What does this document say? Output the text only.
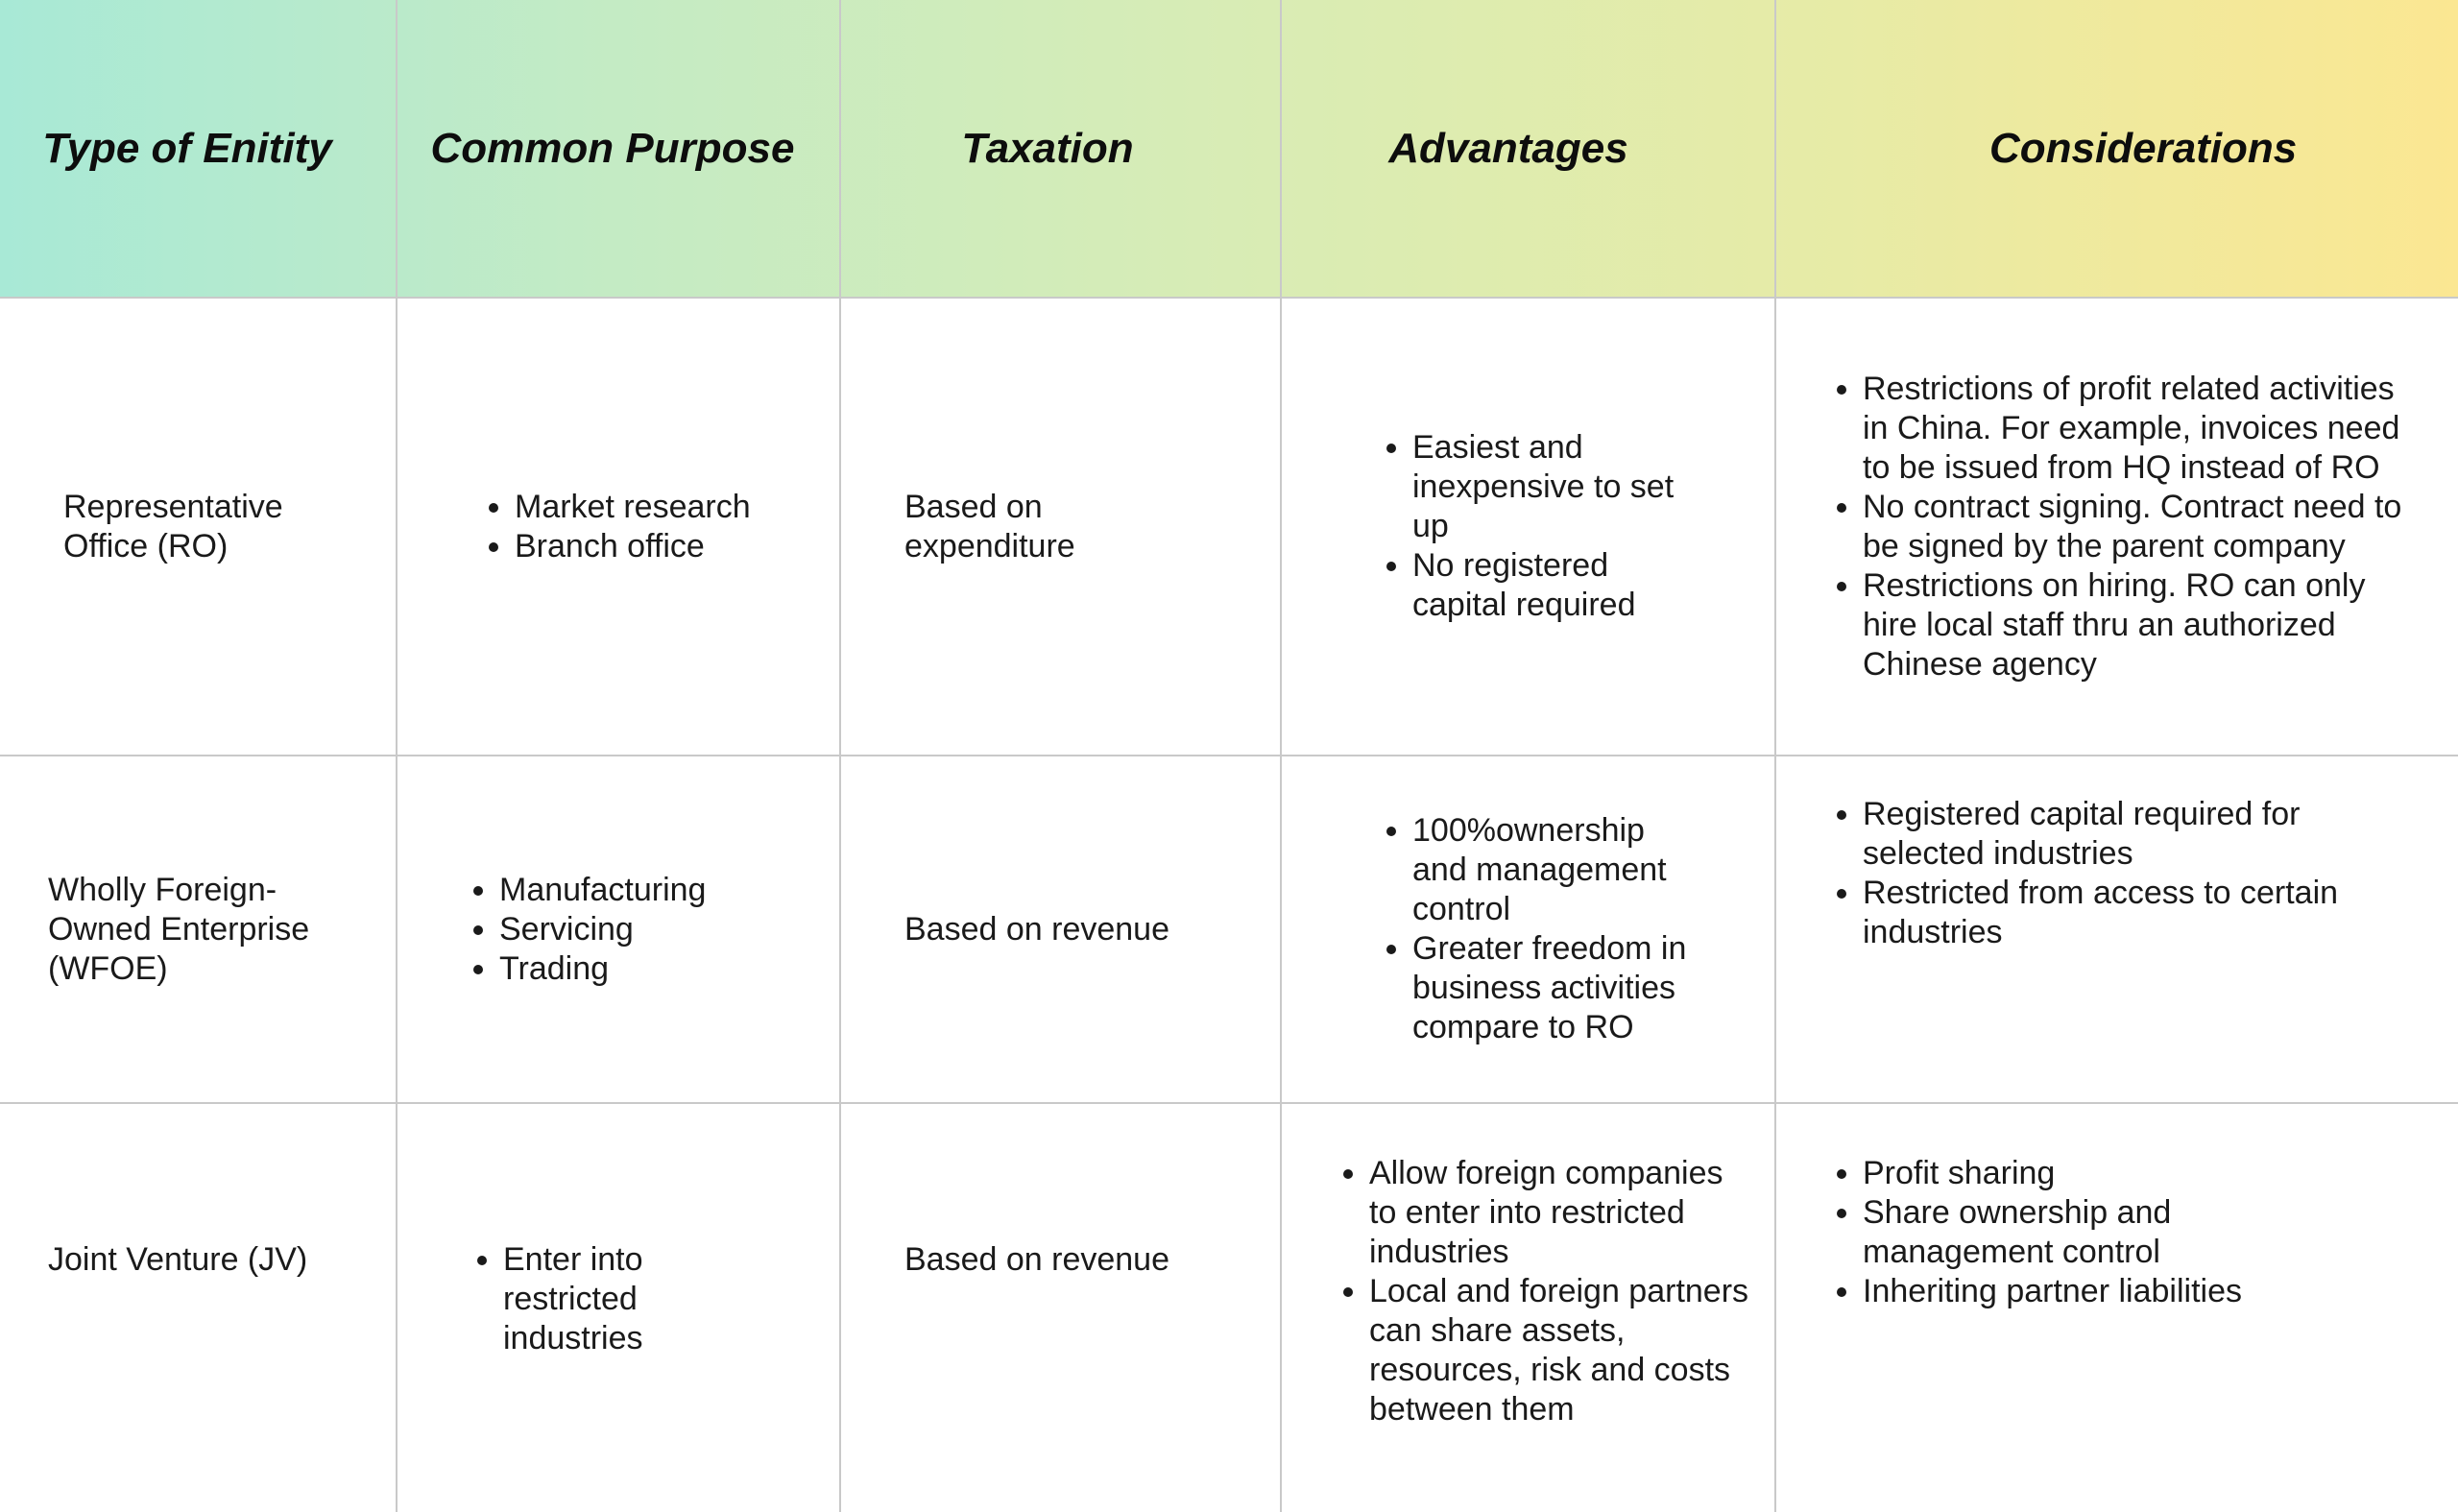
Type of Enitity	Common Purpose	Taxation	Advantages	Considerations
Representative
Office (RO)
• Market research
• Branch office
Based on
expenditure
• Easiest and inexpensive to set up
• No registered capital required
• Restrictions of profit related activities in China. For example, invoices need to be issued from HQ instead of RO
• No contract signing. Contract need to be signed by the parent company
• Restrictions on hiring. RO can only hire local staff thru an authorized Chinese agency
Wholly Foreign-
Owned Enterprise
(WFOE)
• Manufacturing
• Servicing
• Trading
Based on revenue
• 100%ownership and management control
• Greater freedom in business activities compare to RO
• Registered capital required for selected industries
• Restricted from access to certain industries
Joint Venture (JV)
•	Enter into restricted industries
Based on revenue
• Allow foreign companies to enter into restricted industries
• Local and foreign partners can share assets, resources, risk and costs between them
• Profit sharing
• Share ownership and management control
• Inheriting partner liabilities
